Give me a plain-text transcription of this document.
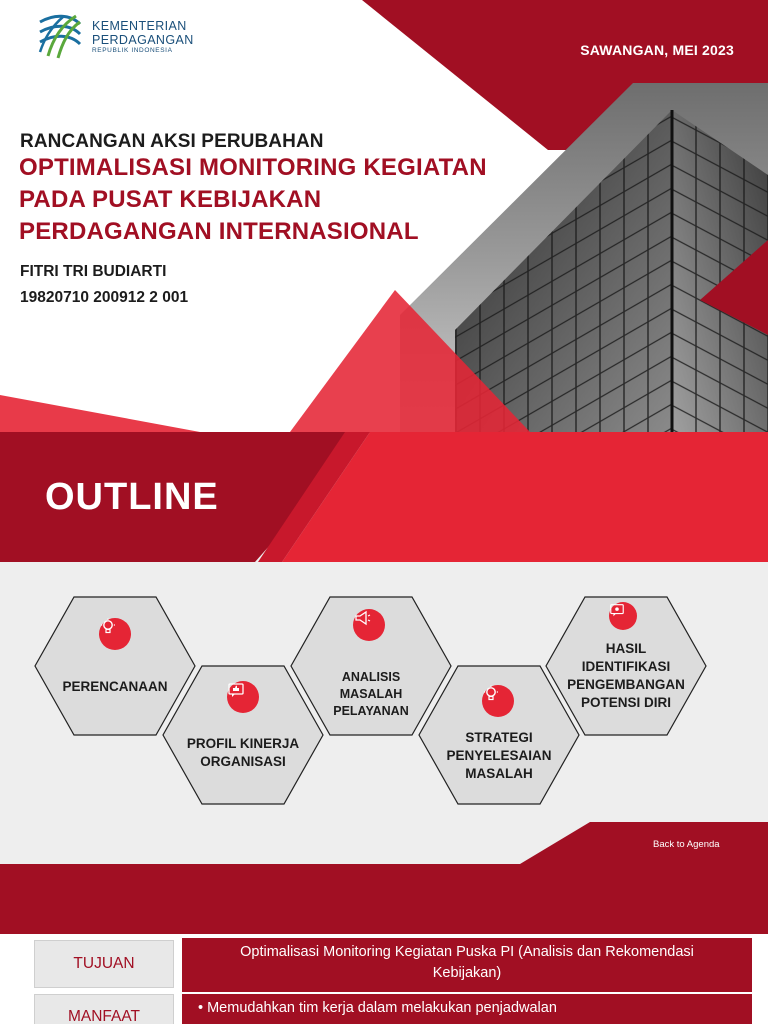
KEMENTERIAN
PERDAGANGAN
REPUBLIK INDONESIA	SAWANGAN, MEI 2023
RANCANGAN AKSI PERUBAHAN
OPTIMALISASI MONITORING KEGIATAN
PADA PUSAT KEBIJAKAN
PERDAGANGAN INTERNASIONAL
FITRI TRI BUDIARTI
19820710 200912 2 001
OUTLINE
PERENCANAAN
PROFIL KINERJA
ORGANISASI
ANALISIS
MASALAH
PELAYANAN
STRATEGI
PENYELESAIAN
MASALAH
HASIL
IDENTIFIKASI
PENGEMBANGAN
POTENSI DIRI
Back to Agenda
TUJUAN
Optimalisasi Monitoring Kegiatan Puska PI (Analisis dan Rekomendasi
Kebijakan)
MANFAAT	• Memudahkan tim kerja dalam melakukan penjadwalan
